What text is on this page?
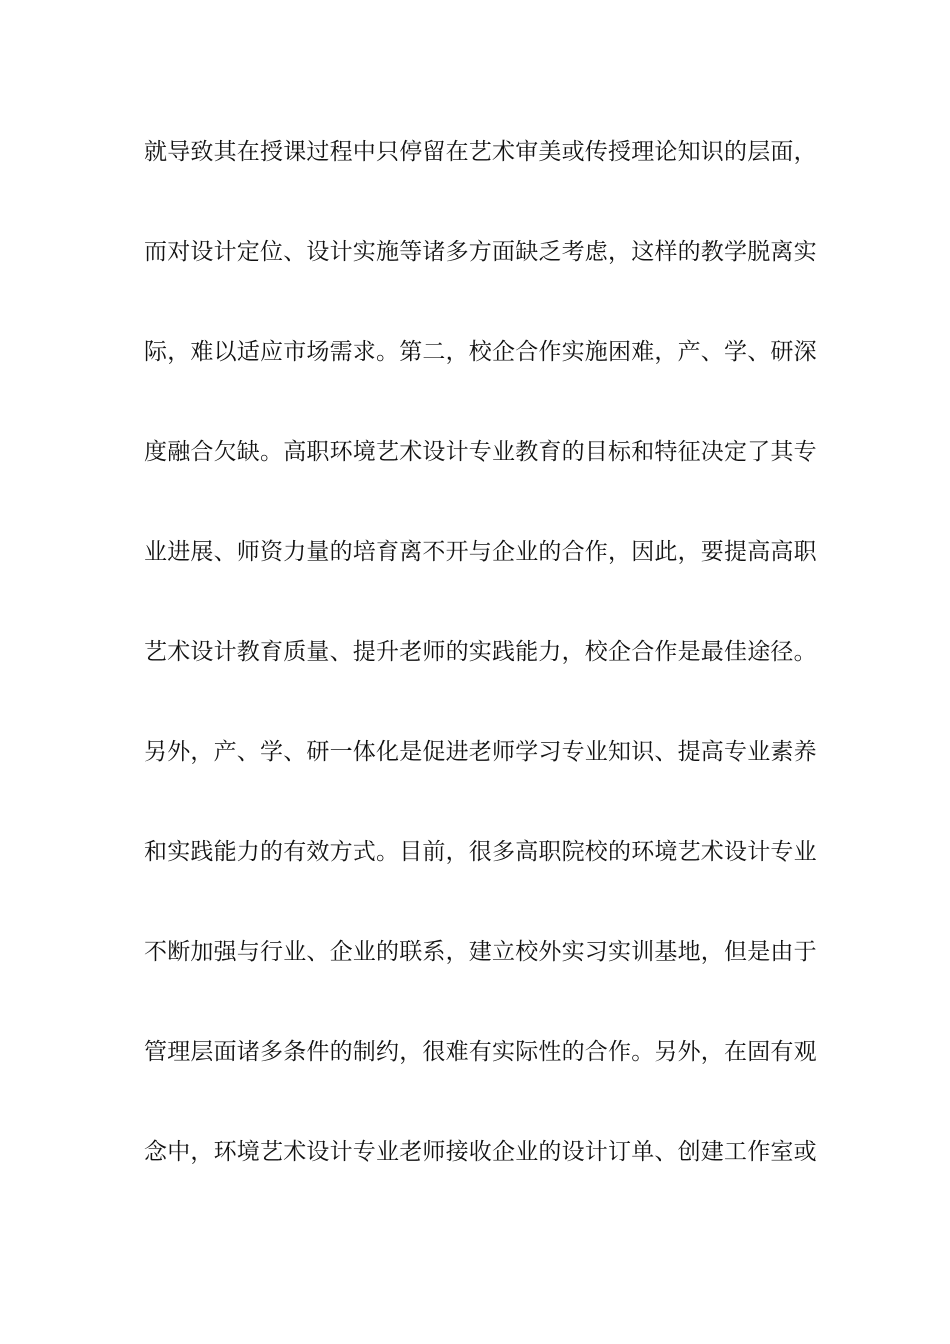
就导致其在授课过程中只停留在艺术审美或传授理论知识的层面，
而对设计定位、设计实施等诸多方面缺乏考虑，这样的教学脱离实
际，难以适应市场需求。第二，校企合作实施困难，产、学、研深
度融合欠缺。高职环境艺术设计专业教育的目标和特征决定了其专
业进展、师资力量的培育离不开与企业的合作，因此，要提高高职
艺术设计教育质量、提升老师的实践能力，校企合作是最佳途径。
另外，产、学、研一体化是促进老师学习专业知识、提高专业素养
和实践能力的有效方式。目前，很多高职院校的环境艺术设计专业
不断加强与行业、企业的联系，建立校外实习实训基地，但是由于
管理层面诸多条件的制约，很难有实际性的合作。另外，在固有观
念中，环境艺术设计专业老师接收企业的设计订单、创建工作室或
